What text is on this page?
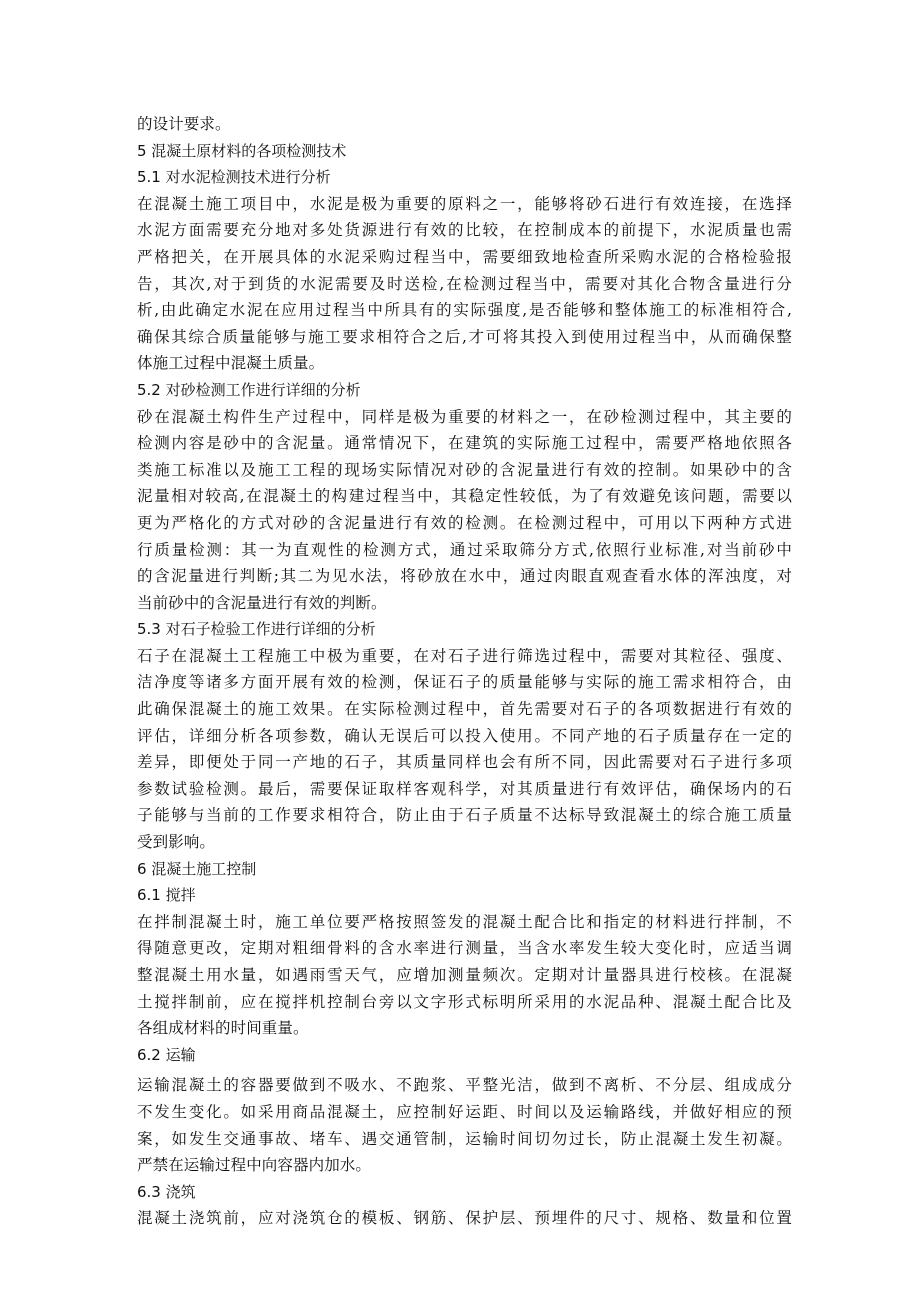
的设计要求。
5 混凝土原材料的各项检测技术
5.1 对水泥检测技术进行分析
在混凝土施工项目中，水泥是极为重要的原料之一，能够将砂石进行有效连接，在选择
水泥方面需要充分地对多处货源进行有效的比较，在控制成本的前提下，水泥质量也需
严格把关，在开展具体的水泥采购过程当中，需要细致地检查所采购水泥的合格检验报
告，其次,对于到货的水泥需要及时送检,在检测过程当中，需要对其化合物含量进行分
析,由此确定水泥在应用过程当中所具有的实际强度,是否能够和整体施工的标准相符合,
确保其综合质量能够与施工要求相符合之后,才可将其投入到使用过程当中，从而确保整
体施工过程中混凝土质量。
5.2 对砂检测工作进行详细的分析
砂在混凝土构件生产过程中，同样是极为重要的材料之一，在砂检测过程中，其主要的
检测内容是砂中的含泥量。通常情况下，在建筑的实际施工过程中，需要严格地依照各
类施工标准以及施工工程的现场实际情况对砂的含泥量进行有效的控制。如果砂中的含
泥量相对较高,在混凝土的构建过程当中，其稳定性较低，为了有效避免该问题，需要以
更为严格化的方式对砂的含泥量进行有效的检测。在检测过程中，可用以下两种方式进
行质量检测：其一为直观性的检测方式，通过采取筛分方式,依照行业标准,对当前砂中
的含泥量进行判断;其二为见水法，将砂放在水中，通过肉眼直观查看水体的浑浊度，对
当前砂中的含泥量进行有效的判断。
5.3 对石子检验工作进行详细的分析
石子在混凝土工程施工中极为重要，在对石子进行筛选过程中，需要对其粒径、强度、
洁净度等诸多方面开展有效的检测，保证石子的质量能够与实际的施工需求相符合，由
此确保混凝土的施工效果。在实际检测过程中，首先需要对石子的各项数据进行有效的
评估，详细分析各项参数，确认无误后可以投入使用。不同产地的石子质量存在一定的
差异，即便处于同一产地的石子，其质量同样也会有所不同，因此需要对石子进行多项
参数试验检测。最后，需要保证取样客观科学，对其质量进行有效评估，确保场内的石
子能够与当前的工作要求相符合，防止由于石子质量不达标导致混凝土的综合施工质量
受到影响。
6 混凝土施工控制
6.1 搅拌
在拌制混凝土时，施工单位要严格按照签发的混凝土配合比和指定的材料进行拌制，不
得随意更改，定期对粗细骨料的含水率进行测量，当含水率发生较大变化时，应适当调
整混凝土用水量，如遇雨雪天气，应增加测量频次。定期对计量器具进行校核。在混凝
土搅拌制前，应在搅拌机控制台旁以文字形式标明所采用的水泥品种、混凝土配合比及
各组成材料的时间重量。
6.2 运输
运输混凝土的容器要做到不吸水、不跑浆、平整光洁，做到不离析、不分层、组成成分
不发生变化。如采用商品混凝土，应控制好运距、时间以及运输路线，并做好相应的预
案，如发生交通事故、堵车、遇交通管制，运输时间切勿过长，防止混凝土发生初凝。
严禁在运输过程中向容器内加水。
6.3 浇筑
混凝土浇筑前，应对浇筑仓的模板、钢筋、保护层、预埋件的尺寸、规格、数量和位置
